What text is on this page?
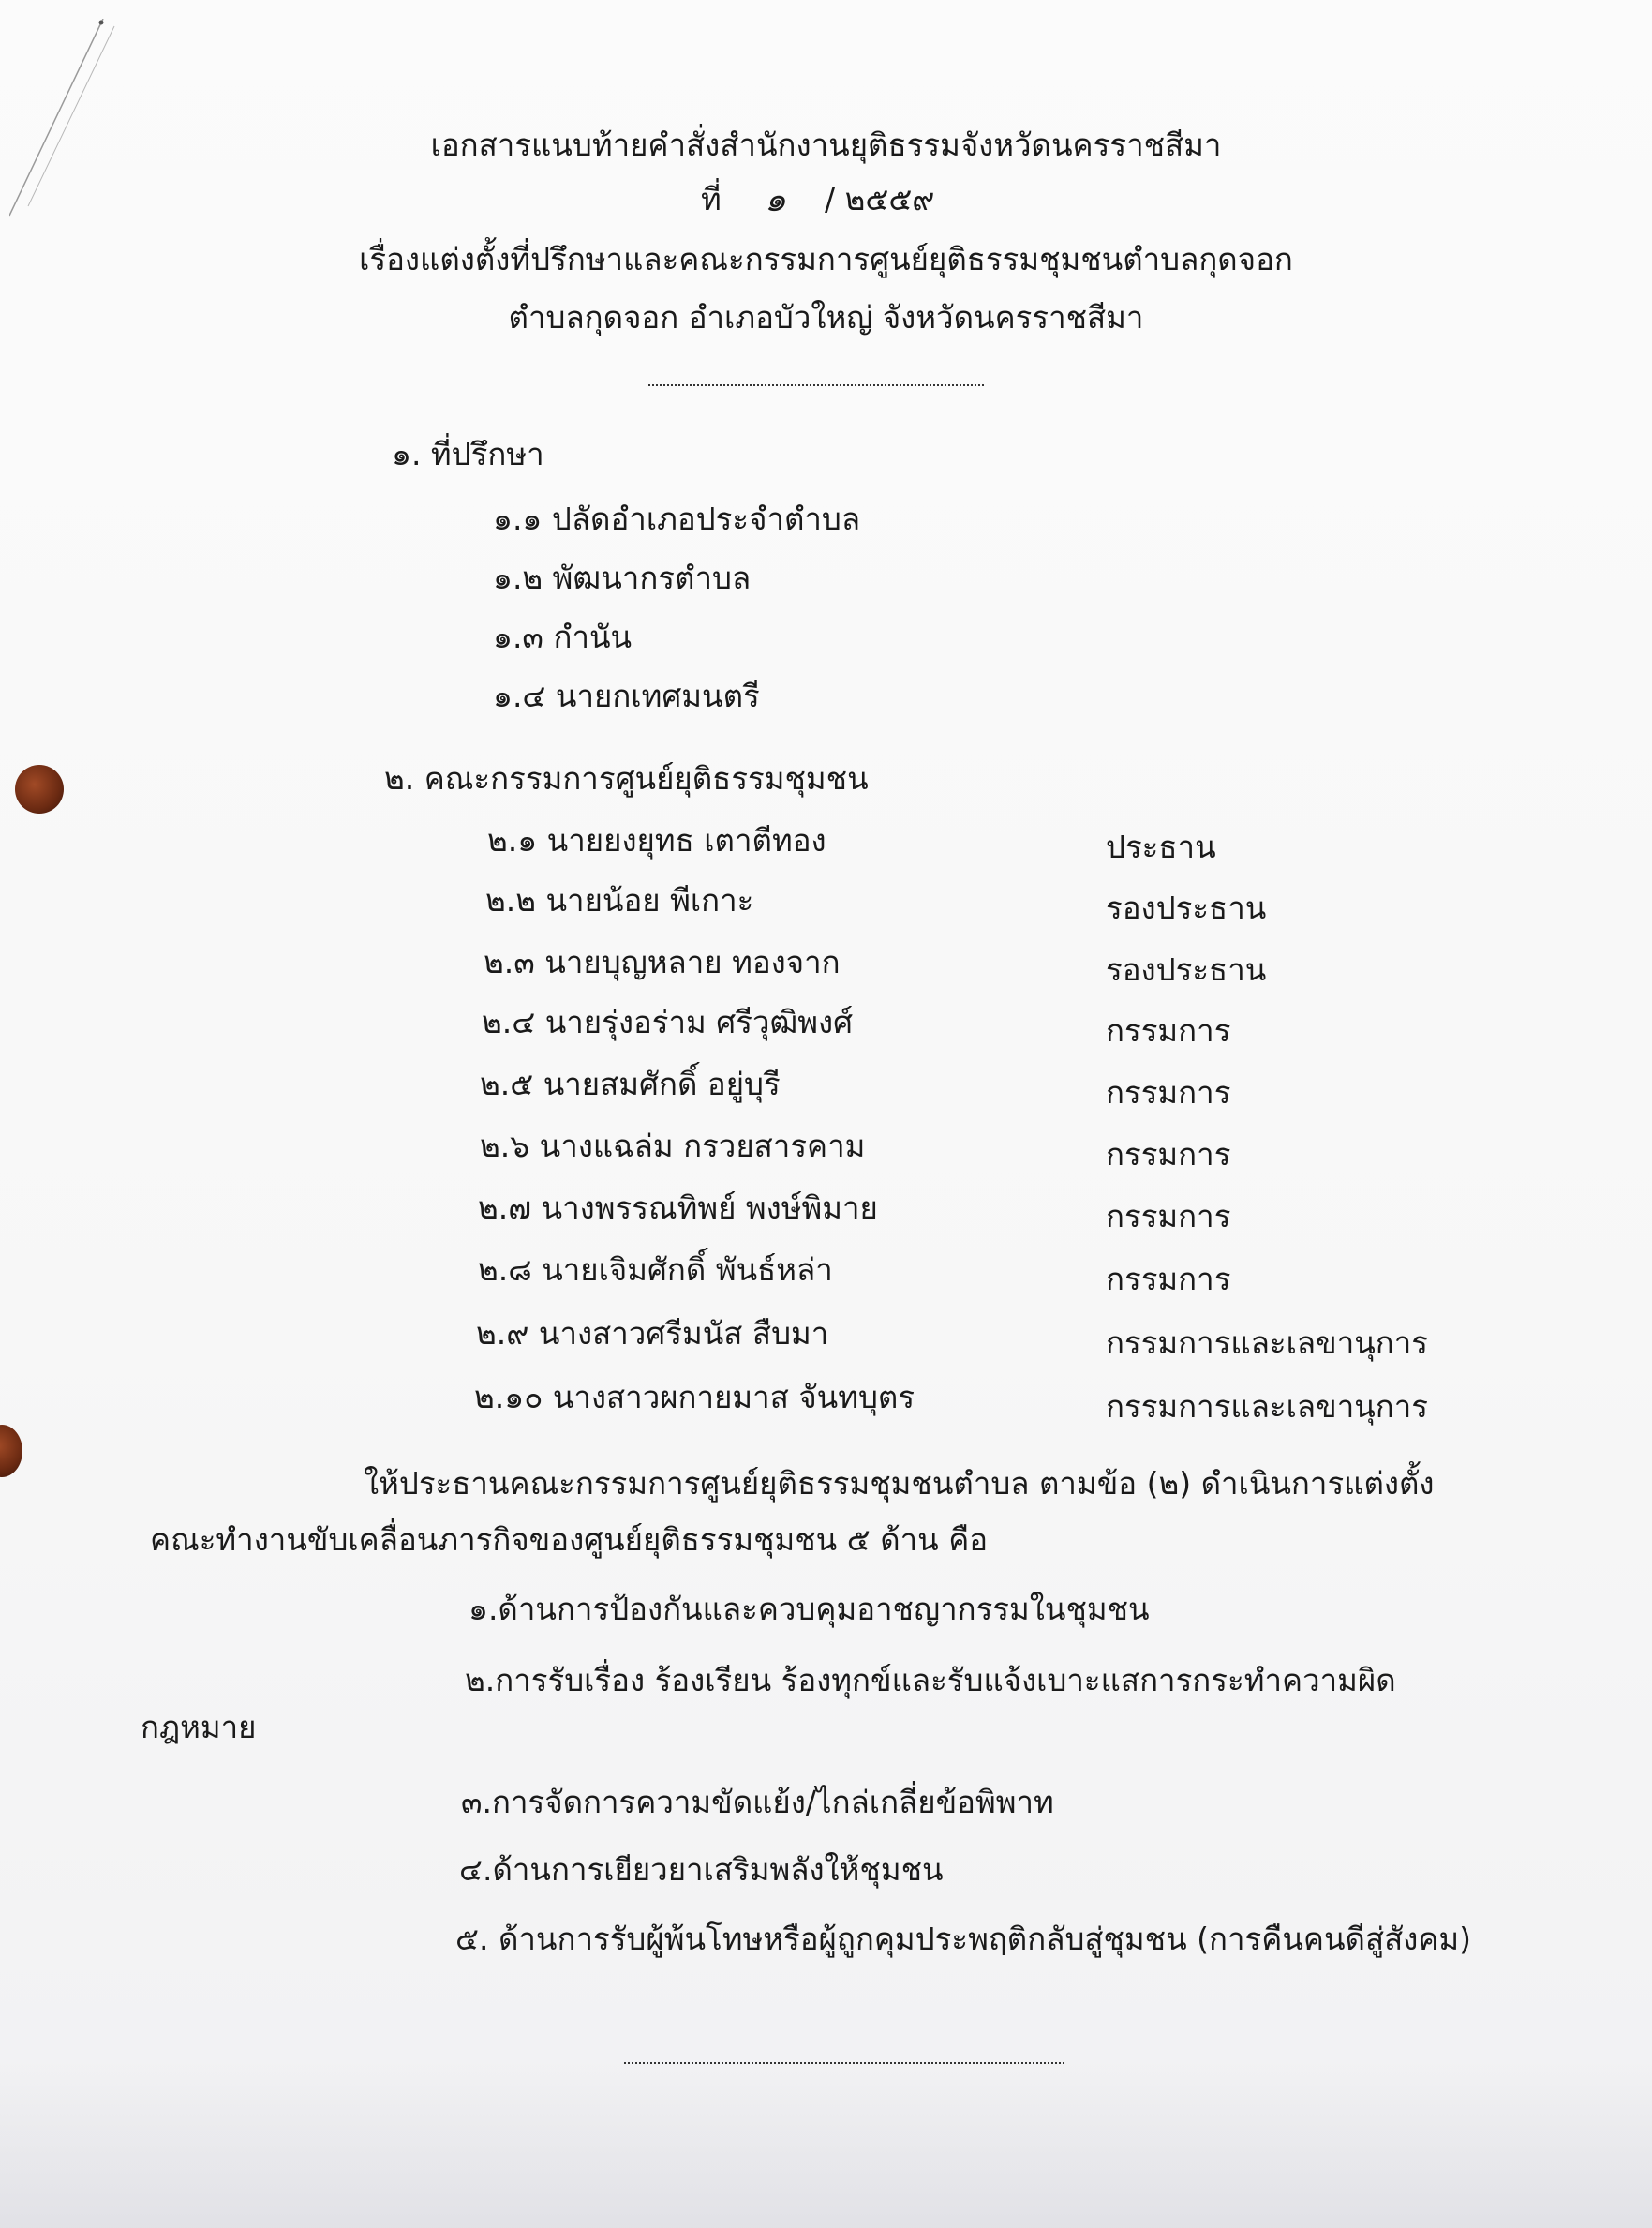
เอกสารแนบท้ายคำสั่งสำนักงานยุติธรรมจังหวัดนครราชสีมา
ที่ ๑ / ๒๕๕๙
เรื่องแต่งตั้งที่ปรึกษาและคณะกรรมการศูนย์ยุติธรรมชุมชนตำบลกุดจอก
ตำบลกุดจอก อำเภอบัวใหญ่ จังหวัดนครราชสีมา
๑. ที่ปรึกษา
๑.๑ ปลัดอำเภอประจำตำบล
๑.๒ พัฒนากรตำบล
๑.๓ กำนัน
๑.๔ นายกเทศมนตรี
๒. คณะกรรมการศูนย์ยุติธรรมชุมชน
๒.๑ นายยงยุทธ เตาตีทอง	ประธาน
๒.๒ นายน้อย พีเกาะ	รองประธาน
๒.๓ นายบุญหลาย ทองจาก	รองประธาน
๒.๔ นายรุ่งอร่าม ศรีวุฒิพงศ์	กรรมการ
๒.๕ นายสมศักดิ์ อยู่บุรี	กรรมการ
๒.๖ นางแฉล่ม กรวยสารคาม	กรรมการ
๒.๗ นางพรรณทิพย์ พงษ์พิมาย	กรรมการ
๒.๘ นายเจิมศักดิ์ พันธ์หล่า	กรรมการ
๒.๙ นางสาวศรีมนัส สืบมา	กรรมการและเลขานุการ
๒.๑๐ นางสาวผกายมาส จันทบุตร	กรรมการและเลขานุการ
ให้ประธานคณะกรรมการศูนย์ยุติธรรมชุมชนตำบล ตามข้อ (๒) ดำเนินการแต่งตั้ง
คณะทำงานขับเคลื่อนภารกิจของศูนย์ยุติธรรมชุมชน ๕ ด้าน คือ
๑.ด้านการป้องกันและควบคุมอาชญากรรมในชุมชน
๒.การรับเรื่อง ร้องเรียน ร้องทุกข์และรับแจ้งเบาะแสการกระทำความผิด
กฎหมาย
๓.การจัดการความขัดแย้ง/ไกล่เกลี่ยข้อพิพาท
๔.ด้านการเยียวยาเสริมพลังให้ชุมชน
๕. ด้านการรับผู้พ้นโทษหรือผู้ถูกคุมประพฤติกลับสู่ชุมชน (การคืนคนดีสู่สังคม)
